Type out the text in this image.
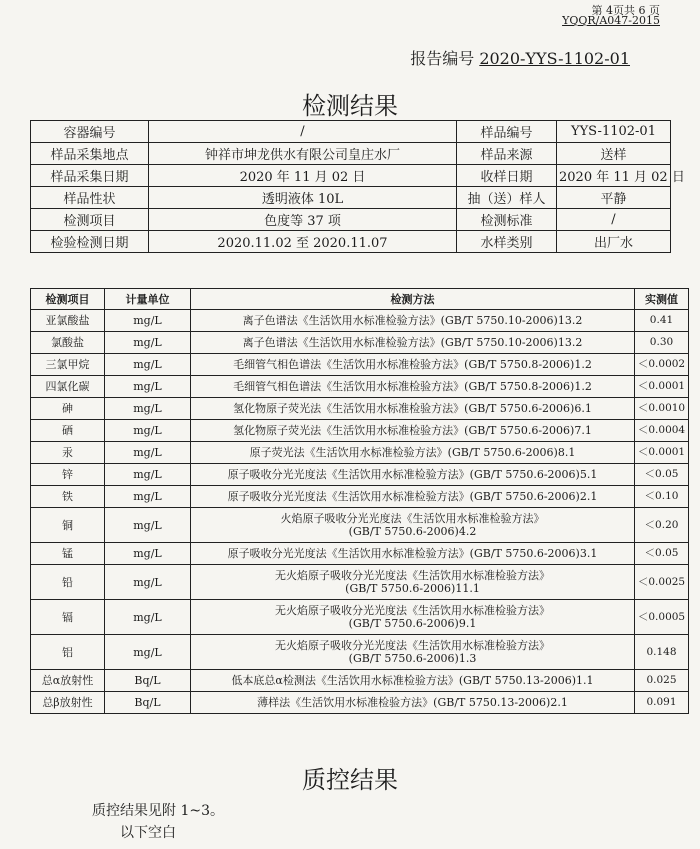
第 4页共 6 页
YQQR/A047-2015
报告编号 2020-YYS-1102-01
检测结果
容器编号	/	样品编号	YYS-1102-01
样品采集地点	钟祥市坤龙供水有限公司皇庄水厂	样品来源	送样
样品采集日期	2020 年 11 月 02 日	收样日期	2020 年 11 月 02 日
样品性状	透明液体 10L	抽（送）样人	平静
检测项目	色度等 37 项	检测标准	/
检验检测日期	2020.11.02 至 2020.11.07	水样类别	出厂水
检测项目	计量单位	检测方法	实测值
亚氯酸盐	mg/L	离子色谱法《生活饮用水标准检验方法》(GB/T 5750.10-2006)13.2	0.41
氯酸盐	mg/L	离子色谱法《生活饮用水标准检验方法》(GB/T 5750.10-2006)13.2	0.30
三氯甲烷	mg/L	毛细管气相色谱法《生活饮用水标准检验方法》(GB/T 5750.8-2006)1.2	＜0.0002
四氯化碳	mg/L	毛细管气相色谱法《生活饮用水标准检验方法》(GB/T 5750.8-2006)1.2	＜0.0001
砷	mg/L	氢化物原子荧光法《生活饮用水标准检验方法》(GB/T 5750.6-2006)6.1	＜0.0010
硒	mg/L	氢化物原子荧光法《生活饮用水标准检验方法》(GB/T 5750.6-2006)7.1	＜0.0004
汞	mg/L	原子荧光法《生活饮用水标准检验方法》(GB/T 5750.6-2006)8.1	＜0.0001
锌	mg/L	原子吸收分光光度法《生活饮用水标准检验方法》(GB/T 5750.6-2006)5.1	＜0.05
铁	mg/L	原子吸收分光光度法《生活饮用水标准检验方法》(GB/T 5750.6-2006)2.1	＜0.10
铜	mg/L	火焰原子吸收分光光度法《生活饮用水标准检验方法》
(GB/T 5750.6-2006)4.2	＜0.20
锰	mg/L	原子吸收分光光度法《生活饮用水标准检验方法》(GB/T 5750.6-2006)3.1	＜0.05
铅	mg/L	无火焰原子吸收分光光度法《生活饮用水标准检验方法》
(GB/T 5750.6-2006)11.1	＜0.0025
镉	mg/L	无火焰原子吸收分光光度法《生活饮用水标准检验方法》
(GB/T 5750.6-2006)9.1	＜0.0005
铝	mg/L	无火焰原子吸收分光光度法《生活饮用水标准检验方法》
(GB/T 5750.6-2006)1.3	0.148
总α放射性	Bq/L	低本底总α检测法《生活饮用水标准检验方法》(GB/T 5750.13-2006)1.1	0.025
总β放射性	Bq/L	薄样法《生活饮用水标准检验方法》(GB/T 5750.13-2006)2.1	0.091
质控结果
质控结果见附 1~3。
以下空白
